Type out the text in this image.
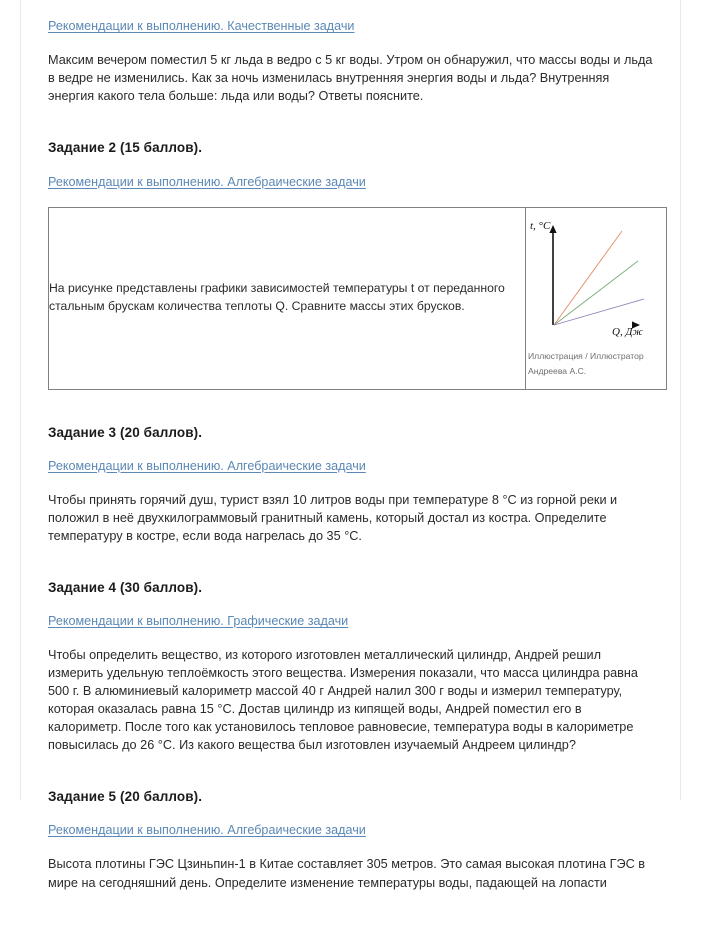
Рекомендации к выполнению. Качественные задачи

Максим вечером поместил 5 кг льда в ведро с 5 кг воды. Утром он обнаружил, что массы воды и льда в ведре не изменились. Как за ночь изменилась внутренняя энергия воды и льда? Внутренняя энергия какого тела больше: льда или воды? Ответы поясните.

Задание 2 (15 баллов).
Рекомендации к выполнению. Алгебраические задачи

На рисунке представлены графики зависимостей температуры t от переданного стальным брускам количества теплоты Q. Сравните массы этих брусков.

t, °C
Q, Дж
Иллюстрация / Иллюстратор
Андреева А.С.
Задание 3 (20 баллов).
Рекомендации к выполнению. Алгебраические задачи

Чтобы принять горячий душ, турист взял 10 литров воды при температуре 8 °C из горной реки и положил в неё двухкилограммовый гранитный камень, который достал из костра. Определите температуру в костре, если вода нагрелась до 35 °C.

Задание 4 (30 баллов).
Рекомендации к выполнению. Графические задачи

Чтобы определить вещество, из которого изготовлен металлический цилиндр, Андрей решил измерить удельную теплоёмкость этого вещества. Измерения показали, что масса цилиндра равна 500 г. В алюминиевый калориметр массой 40 г Андрей налил 300 г воды и измерил температуру, которая оказалась равна 15 °C. Достав цилиндр из кипящей воды, Андрей поместил его в калориметр. После того как установилось тепловое равновесие, температура воды в калориметре повысилась до 26 °C. Из какого вещества был изготовлен изучаемый Андреем цилиндр?

Задание 5 (20 баллов).
Рекомендации к выполнению. Алгебраические задачи

Высота плотины ГЭС Цзиньпин-1 в Китае составляет 305 метров. Это самая высокая плотина ГЭС в мире на сегодняшний день. Определите изменение температуры воды, падающей на лопасти
